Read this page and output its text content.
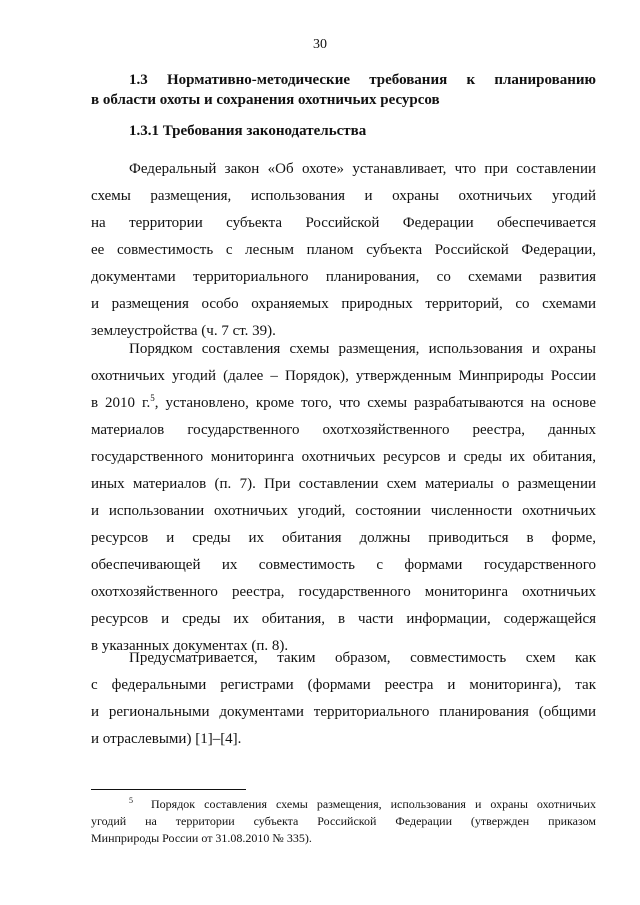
30
1.3 Нормативно-методические требования к планированию
в области охоты и сохранения охотничьих ресурсов
1.3.1 Требования законодательства
Федеральный закон «Об охоте» устанавливает, что при составлении
схемы размещения, использования и охраны охотничьих угодий
на территории субъекта Российской Федерации обеспечивается
ее совместимость с лесным планом субъекта Российской Федерации,
документами территориального планирования, со схемами развития
и размещения особо охраняемых природных территорий, со схемами
землеустройства (ч. 7 ст. 39).
Порядком составления схемы размещения, использования и охраны
охотничьих угодий (далее – Порядок), утвержденным Минприроды России
в 2010 г.$^5$, установлено, кроме того, что схемы разрабатываются на основе
материалов государственного охотхозяйственного реестра, данных
государственного мониторинга охотничьих ресурсов и среды их обитания,
иных материалов (п. 7). При составлении схем материалы о размещении
и использовании охотничьих угодий, состоянии численности охотничьих
ресурсов и среды их обитания должны приводиться в форме,
обеспечивающей их совместимость с формами государственного
охотхозяйственного реестра, государственного мониторинга охотничьих
ресурсов и среды их обитания, в части информации, содержащейся
в указанных документах (п. 8).
Предусматривается, таким образом, совместимость схем как
с федеральными регистрами (формами реестра и мониторинга), так
и региональными документами территориального планирования (общими
и отраслевыми) [1]–[4].
$^5$ Порядок составления схемы размещения, использования и охраны охотничьих
угодий на территории субъекта Российской Федерации (утвержден приказом
Минприроды России от 31.08.2010 № 335).
